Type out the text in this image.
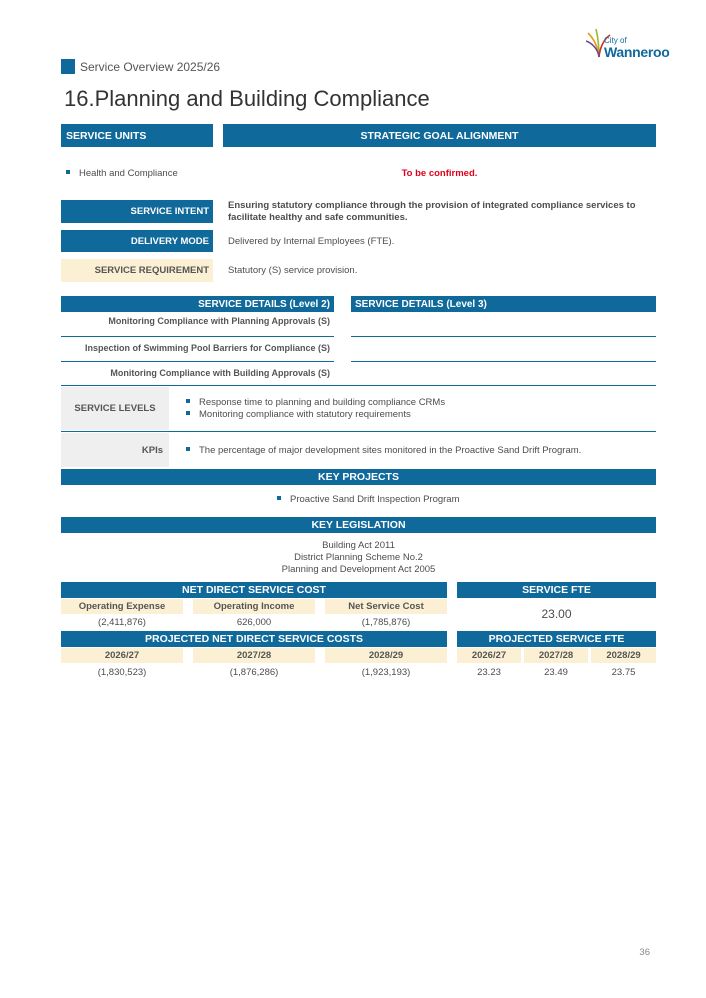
City of
Wanneroo
Service Overview 2025/26
16.Planning and Building Compliance
SERVICE UNITS	STRATEGIC GOAL ALIGNMENT
Health and Compliance	To be confirmed.
SERVICE INTENT
Ensuring statutory compliance through the provision of integrated compliance services to facilitate healthy and safe communities.
DELIVERY MODE	Delivered by Internal Employees (FTE).
SERVICE REQUIREMENT Statutory (S) service provision.
SERVICE DETAILS (Level 2)	SERVICE DETAILS (Level 3)
Monitoring Compliance with Planning Approvals (S)
Inspection of Swimming Pool Barriers for Compliance (S)
Monitoring Compliance with Building Approvals (S)
SERVICE LEVELS
Response time to planning and building compliance CRMs
Monitoring compliance with statutory requirements
KPIs	The percentage of major development sites monitored in the Proactive Sand Drift Program.
KEY PROJECTS
Proactive Sand Drift Inspection Program
KEY LEGISLATION
Building Act 2011
District Planning Scheme No.2
Planning and Development Act 2005
NET DIRECT SERVICE COST
Operating Expense	Operating Income	Net Service Cost
(2,411,876)	626,000	(1,785,876)
SERVICE FTE
23.00
PROJECTED NET DIRECT SERVICE COSTS
2026/27	2027/28	2028/29
(1,830,523)	(1,876,286)	(1,923,193)
PROJECTED SERVICE FTE
2026/27	2027/28	2028/29
23.23	23.49	23.75
36
